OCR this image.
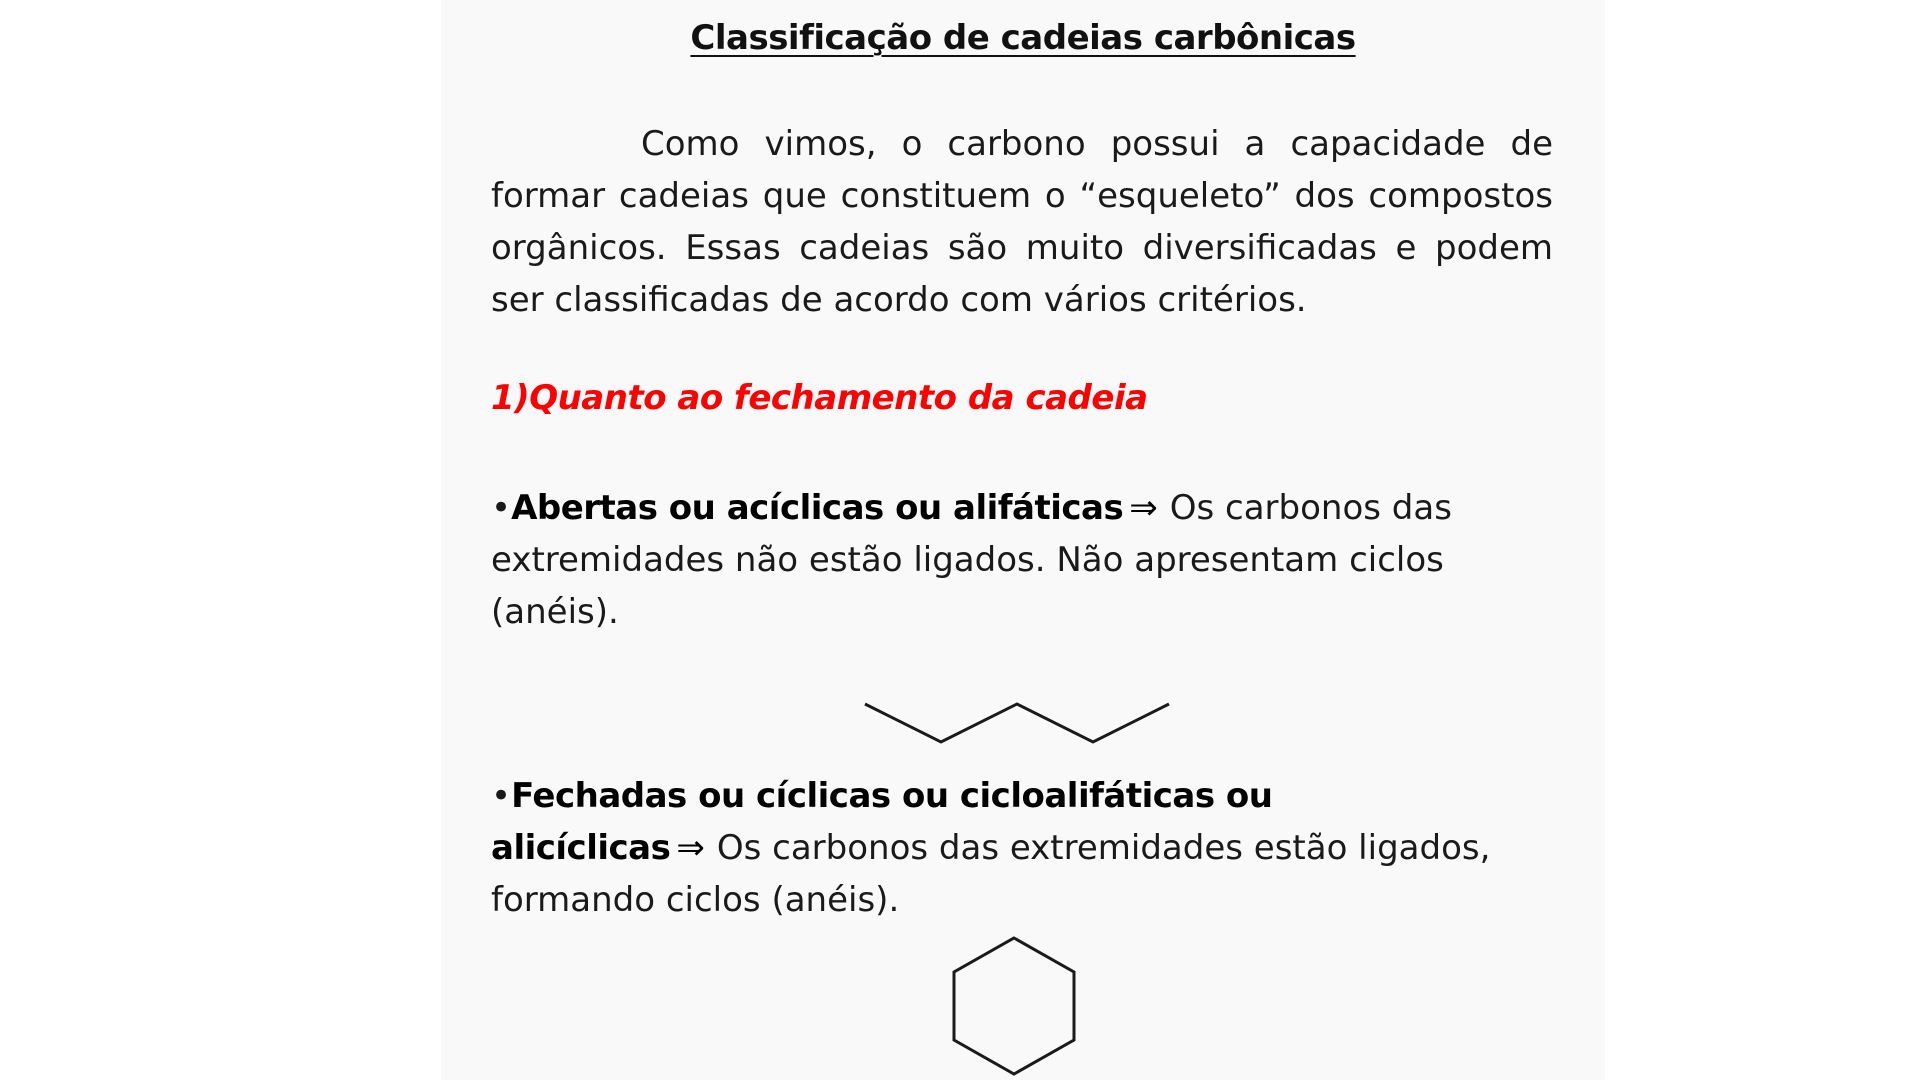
Classificação de cadeias carbônicas

Como vimos, o carbono possui a capacidade de formar cadeias que constituem o “esqueleto” dos compostos orgânicos. Essas cadeias são muito diversificadas e podem ser classificadas de acordo com vários critérios.

1)Quanto ao fechamento da cadeia

•Abertas ou acíclicas ou alifáticas ⇒ Os carbonos das extremidades não estão ligados. Não apresentam ciclos (anéis).

•Fechadas ou cíclicas ou cicloalifáticas ou alicíclicas ⇒ Os carbonos das extremidades estão ligados, formando ciclos (anéis).
